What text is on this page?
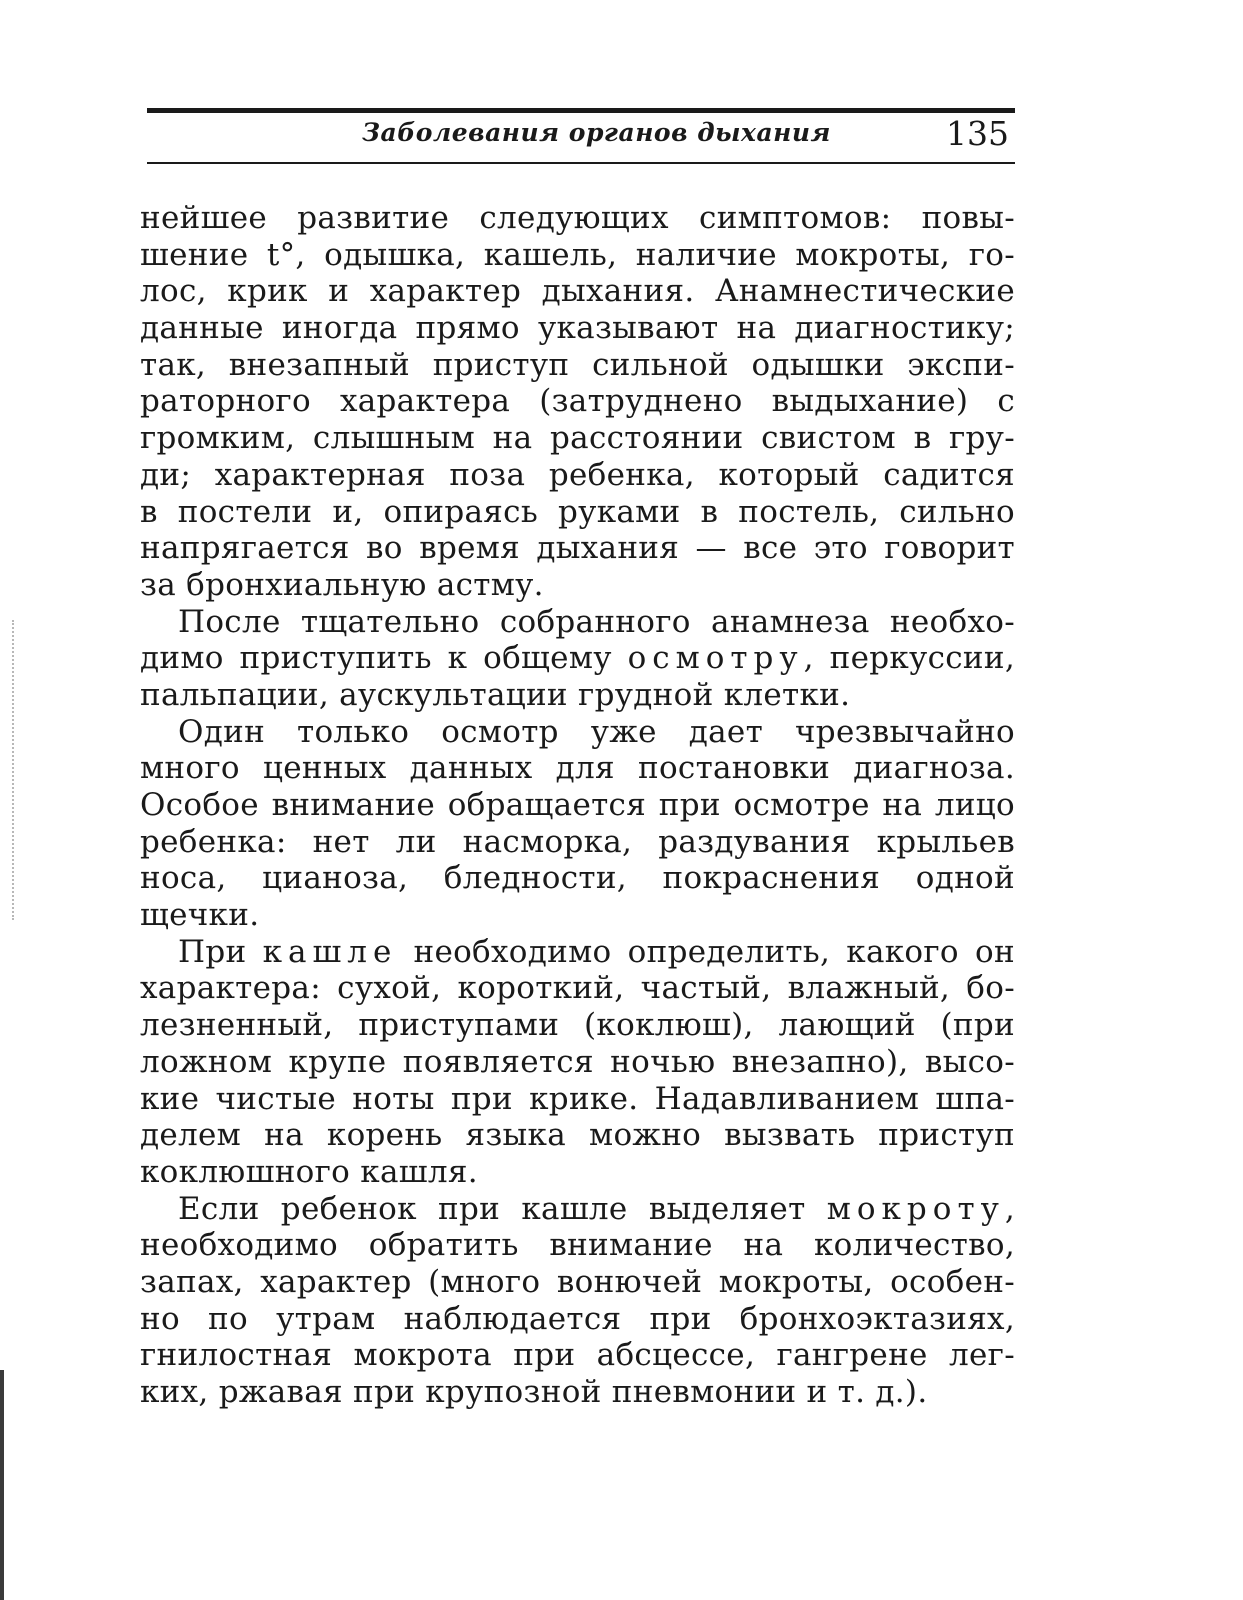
Заболевания органов дыхания	135
нейшее развитие следующих симптомов: повы-
шение t°, одышка, кашель, наличие мокроты, го-
лос, крик и характер дыхания. Анамнестические
данные иногда прямо указывают на диагностику;
так, внезапный приступ сильной одышки экспи-
раторного характера (затруднено выдыхание) с
громким, слышным на расстоянии свистом в гру-
ди; характерная поза ребенка, который садится
в постели и, опираясь руками в постель, сильно
напрягается во время дыхания — все это говорит
за бронхиальную астму.
После тщательно собранного анамнеза необхо-
димо приступить к общему осмотру, перкуссии,
пальпации, аускультации грудной клетки.
Один только осмотр уже дает чрезвычайно
много ценных данных для постановки диагноза.
Особое внимание обращается при осмотре на лицо
ребенка: нет ли насморка, раздувания крыльев
носа, цианоза, бледности, покраснения одной
щечки.
При кашле необходимо определить, какого он
характера: сухой, короткий, частый, влажный, бо-
лезненный, приступами (коклюш), лающий (при
ложном крупе появляется ночью внезапно), высо-
кие чистые ноты при крике. Надавливанием шпа-
делем на корень языка можно вызвать приступ
коклюшного кашля.
Если ребенок при кашле выделяет мокроту,
необходимо обратить внимание на количество,
запах, характер (много вонючей мокроты, особен-
но по утрам наблюдается при бронхоэктазиях,
гнилостная мокрота при абсцессе, гангрене лег-
ких, ржавая при крупозной пневмонии и т. д.).
